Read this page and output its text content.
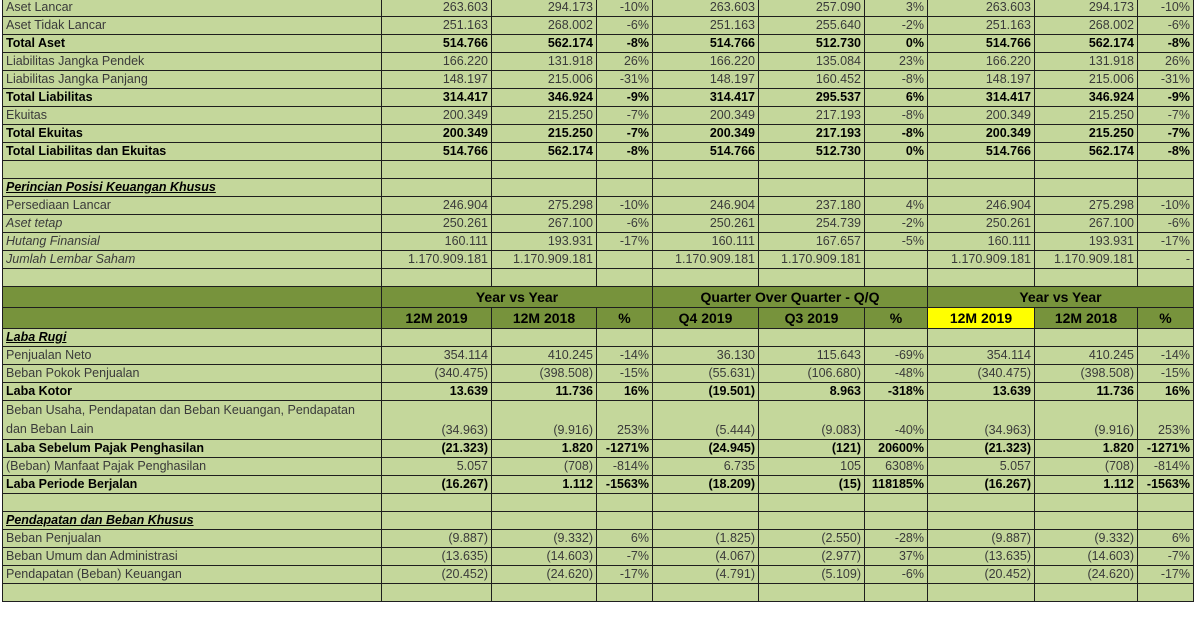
Aset Lancar	263.603	294.173	-10%	263.603	257.090	3%	263.603	294.173	-10%
Aset Tidak Lancar	251.163	268.002	-6%	251.163	255.640	-2%	251.163	268.002	-6%
Total Aset	514.766	562.174	-8%	514.766	512.730	0%	514.766	562.174	-8%
Liabilitas Jangka Pendek	166.220	131.918	26%	166.220	135.084	23%	166.220	131.918	26%
Liabilitas Jangka Panjang	148.197	215.006	-31%	148.197	160.452	-8%	148.197	215.006	-31%
Total Liabilitas	314.417	346.924	-9%	314.417	295.537	6%	314.417	346.924	-9%
Ekuitas	200.349	215.250	-7%	200.349	217.193	-8%	200.349	215.250	-7%
Total Ekuitas	200.349	215.250	-7%	200.349	217.193	-8%	200.349	215.250	-7%
Total Liabilitas dan Ekuitas	514.766	562.174	-8%	514.766	512.730	0%	514.766	562.174	-8%

Perincian Posisi Keuangan Khusus									
Persediaan Lancar	246.904	275.298	-10%	246.904	237.180	4%	246.904	275.298	-10%
Aset tetap	250.261	267.100	-6%	250.261	254.739	-2%	250.261	267.100	-6%
Hutang Finansial	160.111	193.931	-17%	160.111	167.657	-5%	160.111	193.931	-17%
Jumlah Lembar Saham	1.170.909.181	1.170.909.181		1.170.909.181	1.170.909.181		1.170.909.181	1.170.909.181	-

	Year vs Year			Quarter Over Quarter - Q/Q			Year vs Year		
	12M 2019	12M 2018	%	Q4 2019	Q3 2019	%	12M 2019	12M 2018	%
Laba Rugi									
Penjualan Neto	354.114	410.245	-14%	36.130	115.643	-69%	354.114	410.245	-14%
Beban Pokok Penjualan	(340.475)	(398.508)	-15%	(55.631)	(106.680)	-48%	(340.475)	(398.508)	-15%
Laba Kotor	13.639	11.736	16%	(19.501)	8.963	-318%	13.639	11.736	16%
Beban Usaha, Pendapatan dan Beban Keuangan, Pendapatan dan Beban Lain	(34.963)	(9.916)	253%	(5.444)	(9.083)	-40%	(34.963)	(9.916)	253%
Laba Sebelum Pajak Penghasilan	(21.323)	1.820	-1271%	(24.945)	(121)	20600%	(21.323)	1.820	-1271%
(Beban) Manfaat Pajak Penghasilan	5.057	(708)	-814%	6.735	105	6308%	5.057	(708)	-814%
Laba Periode Berjalan	(16.267)	1.112	-1563%	(18.209)	(15)	118185%	(16.267)	1.112	-1563%

Pendapatan dan Beban Khusus									
Beban Penjualan	(9.887)	(9.332)	6%	(1.825)	(2.550)	-28%	(9.887)	(9.332)	6%
Beban Umum dan Administrasi	(13.635)	(14.603)	-7%	(4.067)	(2.977)	37%	(13.635)	(14.603)	-7%
Pendapatan (Beban) Keuangan	(20.452)	(24.620)	-17%	(4.791)	(5.109)	-6%	(20.452)	(24.620)	-17%
